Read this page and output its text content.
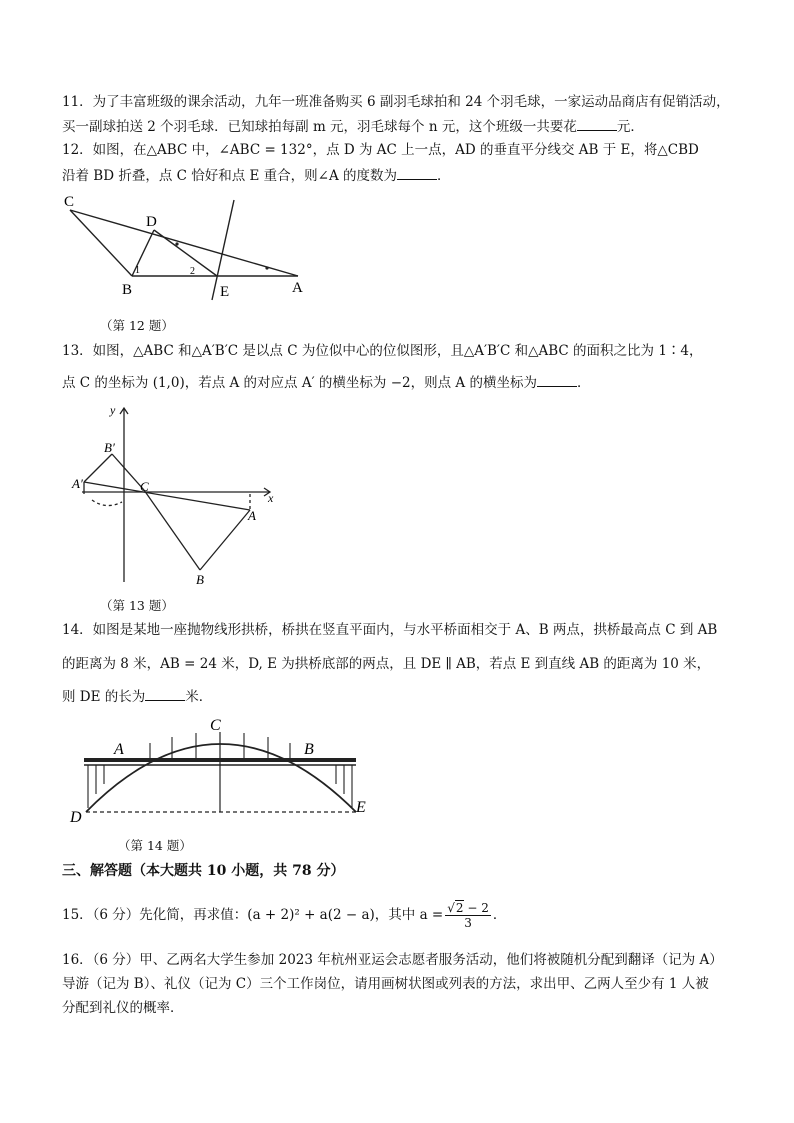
11．为了丰富班级的课余活动，九年一班准备购买 6 副羽毛球拍和 24 个羽毛球，一家运动品商店有促销活动，
买一副球拍送 2 个羽毛球．已知球拍每副 m 元，羽毛球每个 n 元，这个班级一共要花	元．
12．如图，在△ABC 中，∠ABC = 132°，点 D 为 AC 上一点，AD 的垂直平分线交 AB 于 E，将△CBD
沿着 BD 折叠，点 C 恰好和点 E 重合，则∠A 的度数为	．
C
D
B	E	A
1	2
（第 12 题）
13．如图，△ABC 和△A′B′C 是以点 C 为位似中心的位似图形，且△A′B′C 和△ABC 的面积之比为 1∶4，
点 C 的坐标为 (1,0)，若点 A 的对应点 A′ 的横坐标为 −2，则点 A 的横坐标为	．
y
x
B′
A′	C
A
B
（第 13 题）
14．如图是某地一座抛物线形拱桥，桥拱在竖直平面内，与水平桥面相交于 A、B 两点，拱桥最高点 C 到 AB
的距离为 8 米，AB = 24 米，D, E 为拱桥底部的两点，且 DE ∥ AB，若点 E 到直线 AB 的距离为 10 米，
则 DE 的长为	米．
C
A	B
D
E
（第 14 题）
三、解答题（本大题共 10 小题，共 78 分）
15．（6 分）先化简，再求值：(a + 2)² + a(2 − a)，其中 $a = \frac{√2 - 2}{3}$ ．
16．（6 分）甲、乙两名大学生参加 2023 年杭州亚运会志愿者服务活动，他们将被随机分配到翻译（记为 A）
导游（记为 B）、礼仪（记为 C）三个工作岗位，请用画树状图或列表的方法，求出甲、乙两人至少有 1 人被
分配到礼仪的概率．
